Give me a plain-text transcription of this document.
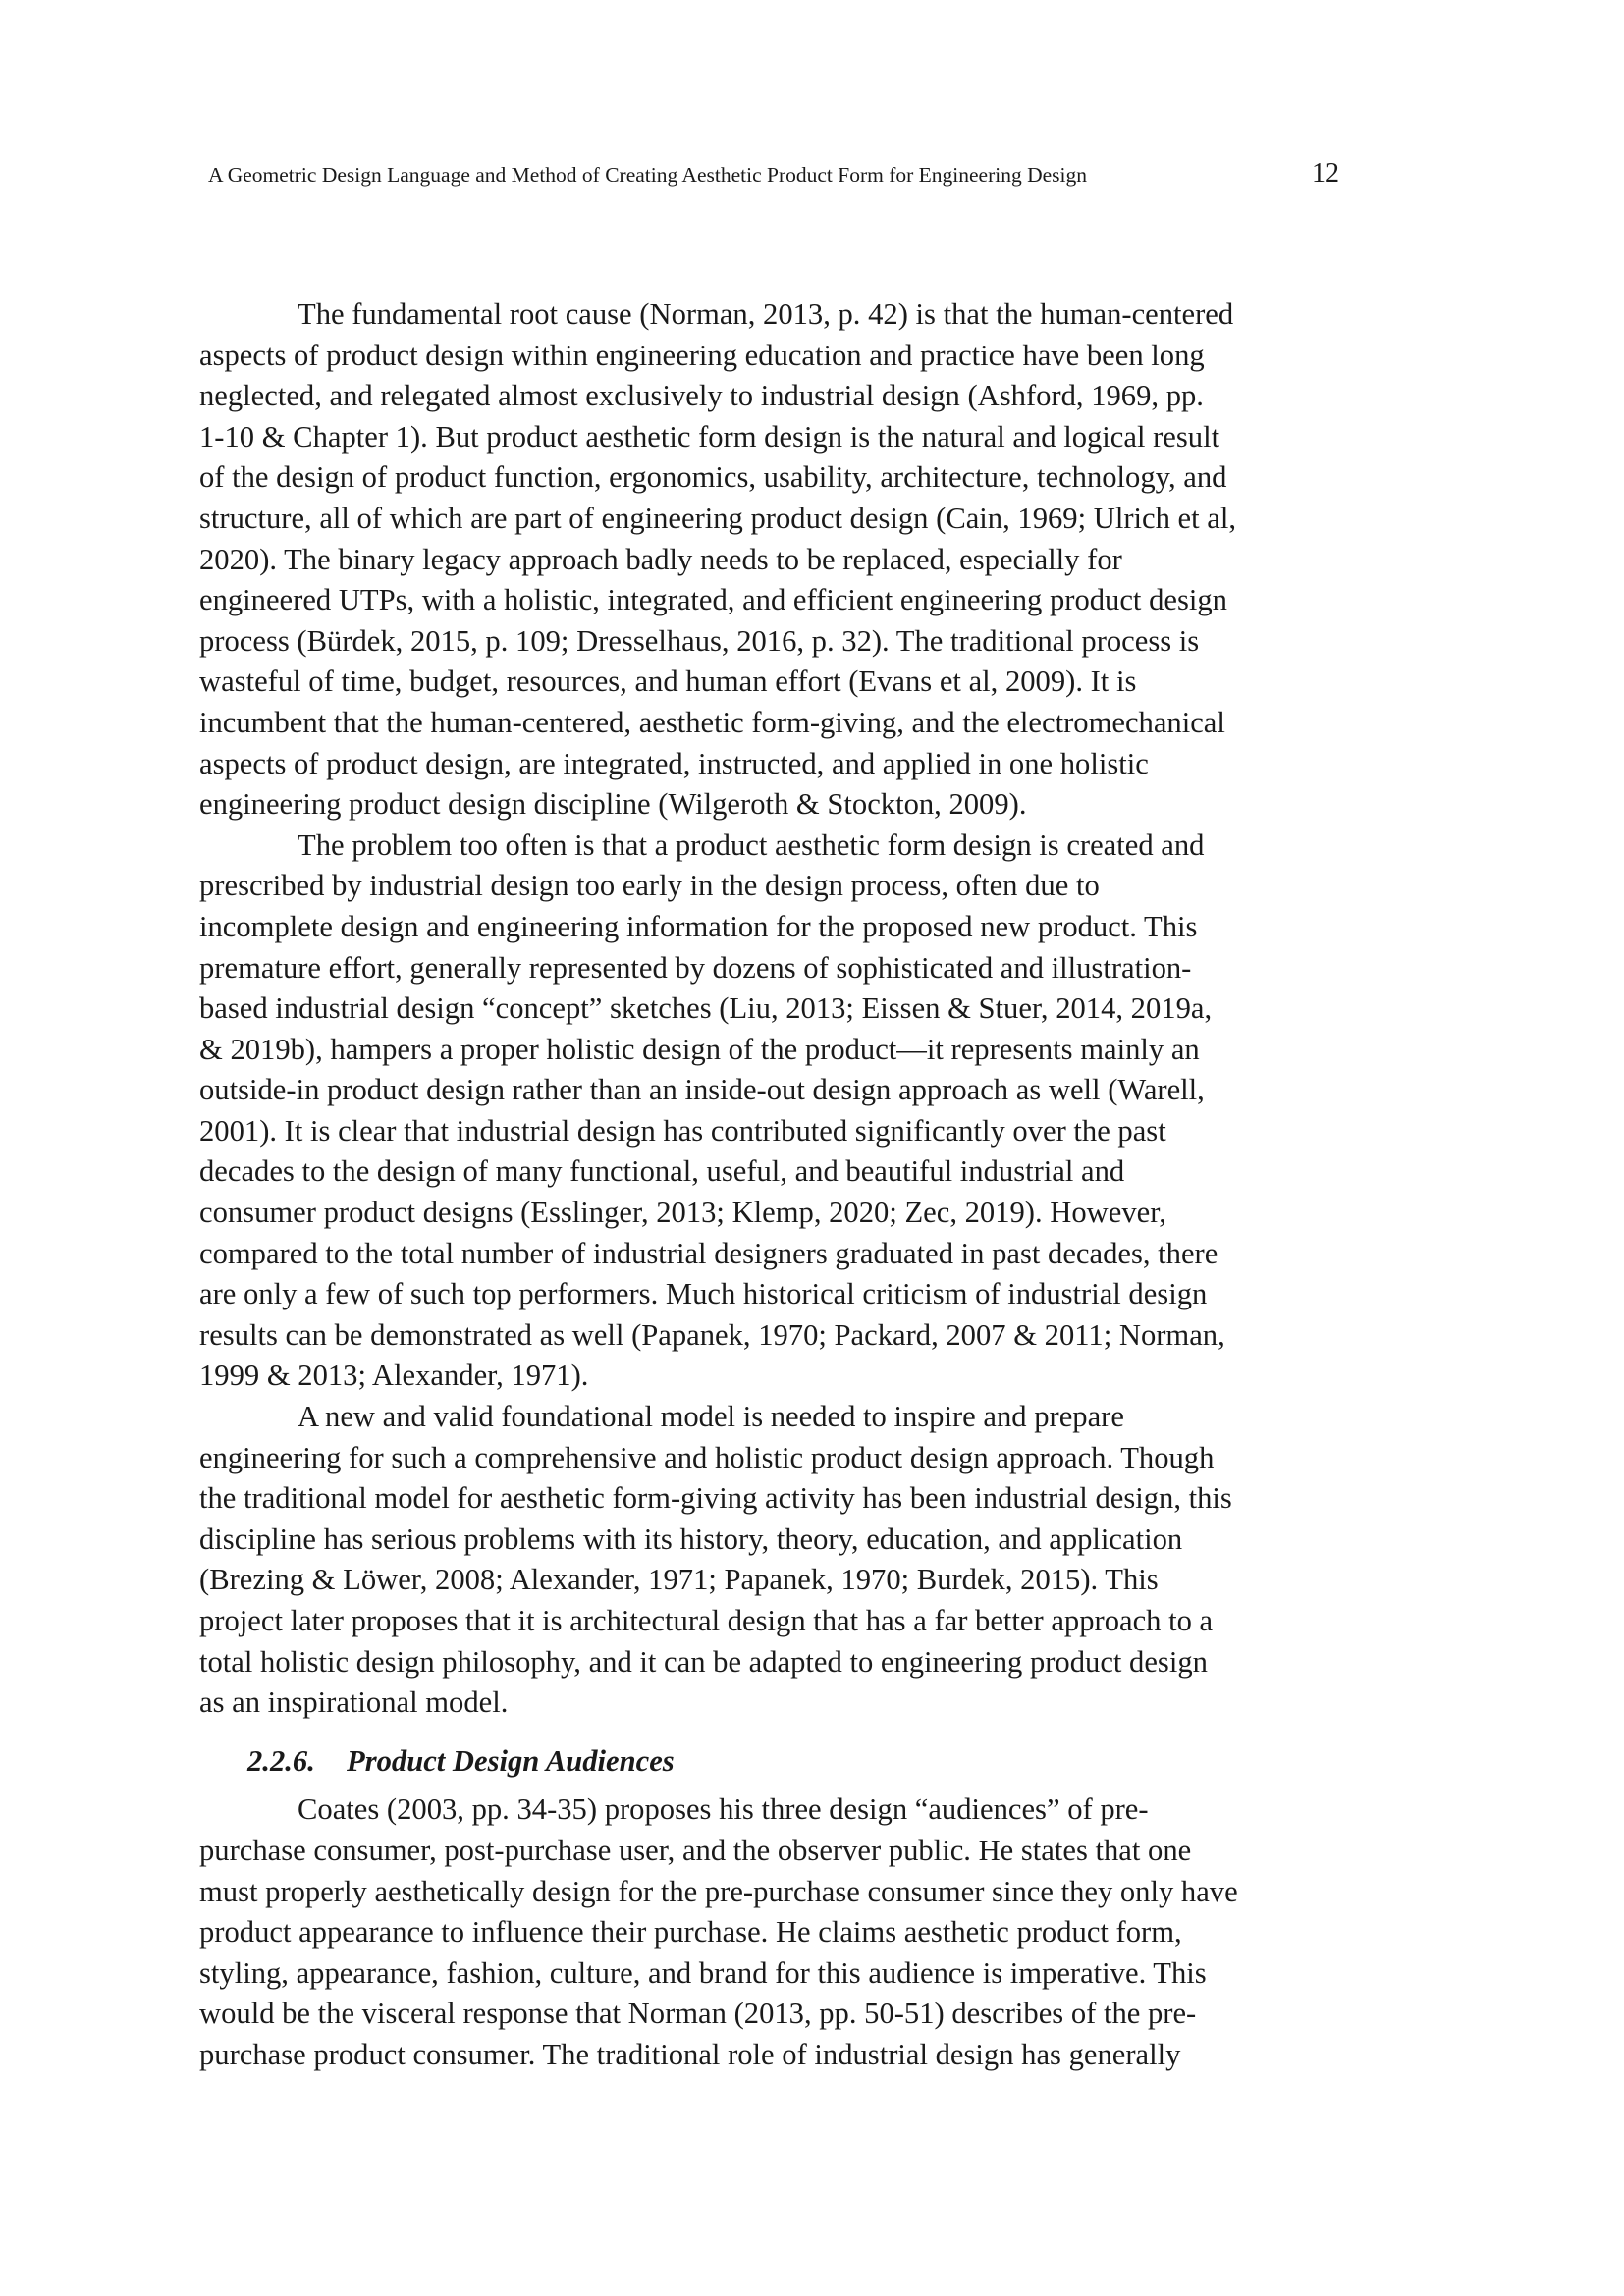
A Geometric Design Language and Method of Creating Aesthetic Product Form for Engineering Design	12

The fundamental root cause (Norman, 2013, p. 42) is that the human-centered
aspects of product design within engineering education and practice have been long
neglected, and relegated almost exclusively to industrial design (Ashford, 1969, pp.
1-10 & Chapter 1). But product aesthetic form design is the natural and logical result
of the design of product function, ergonomics, usability, architecture, technology, and
structure, all of which are part of engineering product design (Cain, 1969; Ulrich et al,
2020). The binary legacy approach badly needs to be replaced, especially for
engineered UTPs, with a holistic, integrated, and efficient engineering product design
process (Bürdek, 2015, p. 109; Dresselhaus, 2016, p. 32). The traditional process is
wasteful of time, budget, resources, and human effort (Evans et al, 2009). It is
incumbent that the human-centered, aesthetic form-giving, and the electromechanical
aspects of product design, are integrated, instructed, and applied in one holistic
engineering product design discipline (Wilgeroth & Stockton, 2009).

The problem too often is that a product aesthetic form design is created and
prescribed by industrial design too early in the design process, often due to
incomplete design and engineering information for the proposed new product. This
premature effort, generally represented by dozens of sophisticated and illustration-
based industrial design “concept” sketches (Liu, 2013; Eissen & Stuer, 2014, 2019a,
& 2019b), hampers a proper holistic design of the product—it represents mainly an
outside-in product design rather than an inside-out design approach as well (Warell,
2001). It is clear that industrial design has contributed significantly over the past
decades to the design of many functional, useful, and beautiful industrial and
consumer product designs (Esslinger, 2013; Klemp, 2020; Zec, 2019). However,
compared to the total number of industrial designers graduated in past decades, there
are only a few of such top performers. Much historical criticism of industrial design
results can be demonstrated as well (Papanek, 1970; Packard, 2007 & 2011; Norman,
1999 & 2013; Alexander, 1971).

A new and valid foundational model is needed to inspire and prepare
engineering for such a comprehensive and holistic product design approach. Though
the traditional model for aesthetic form-giving activity has been industrial design, this
discipline has serious problems with its history, theory, education, and application
(Brezing & Löwer, 2008; Alexander, 1971; Papanek, 1970; Burdek, 2015). This
project later proposes that it is architectural design that has a far better approach to a
total holistic design philosophy, and it can be adapted to engineering product design
as an inspirational model.

2.2.6. Product Design Audiences

Coates (2003, pp. 34-35) proposes his three design “audiences” of pre-
purchase consumer, post-purchase user, and the observer public. He states that one
must properly aesthetically design for the pre-purchase consumer since they only have
product appearance to influence their purchase. He claims aesthetic product form,
styling, appearance, fashion, culture, and brand for this audience is imperative. This
would be the visceral response that Norman (2013, pp. 50-51) describes of the pre-
purchase product consumer. The traditional role of industrial design has generally
